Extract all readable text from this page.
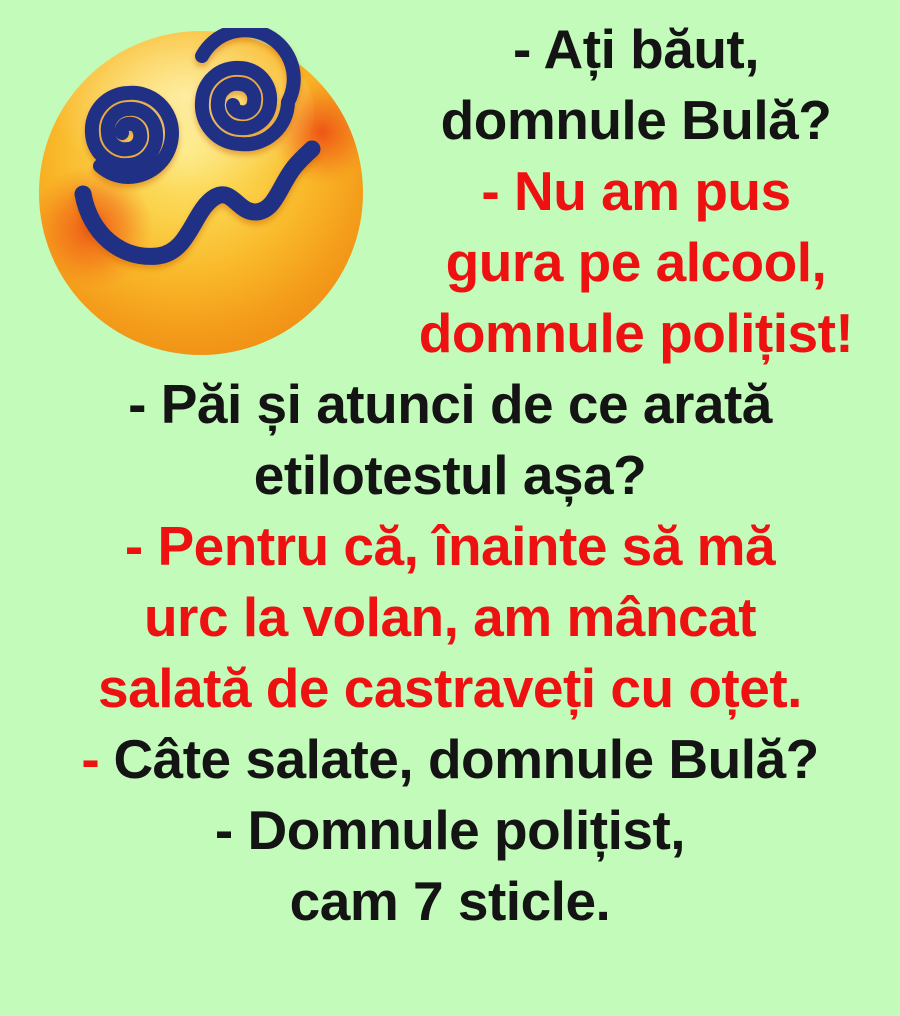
- Ați băut,
domnule Bulă?
- Nu am pus
gura pe alcool,
domnule polițist!
- Păi și atunci de ce arată
etilotestul așa?
- Pentru că, înainte să mă
urc la volan, am mâncat
salată de castraveți cu oțet.
- Câte salate, domnule Bulă?
- Domnule polițist,
cam 7 sticle.
